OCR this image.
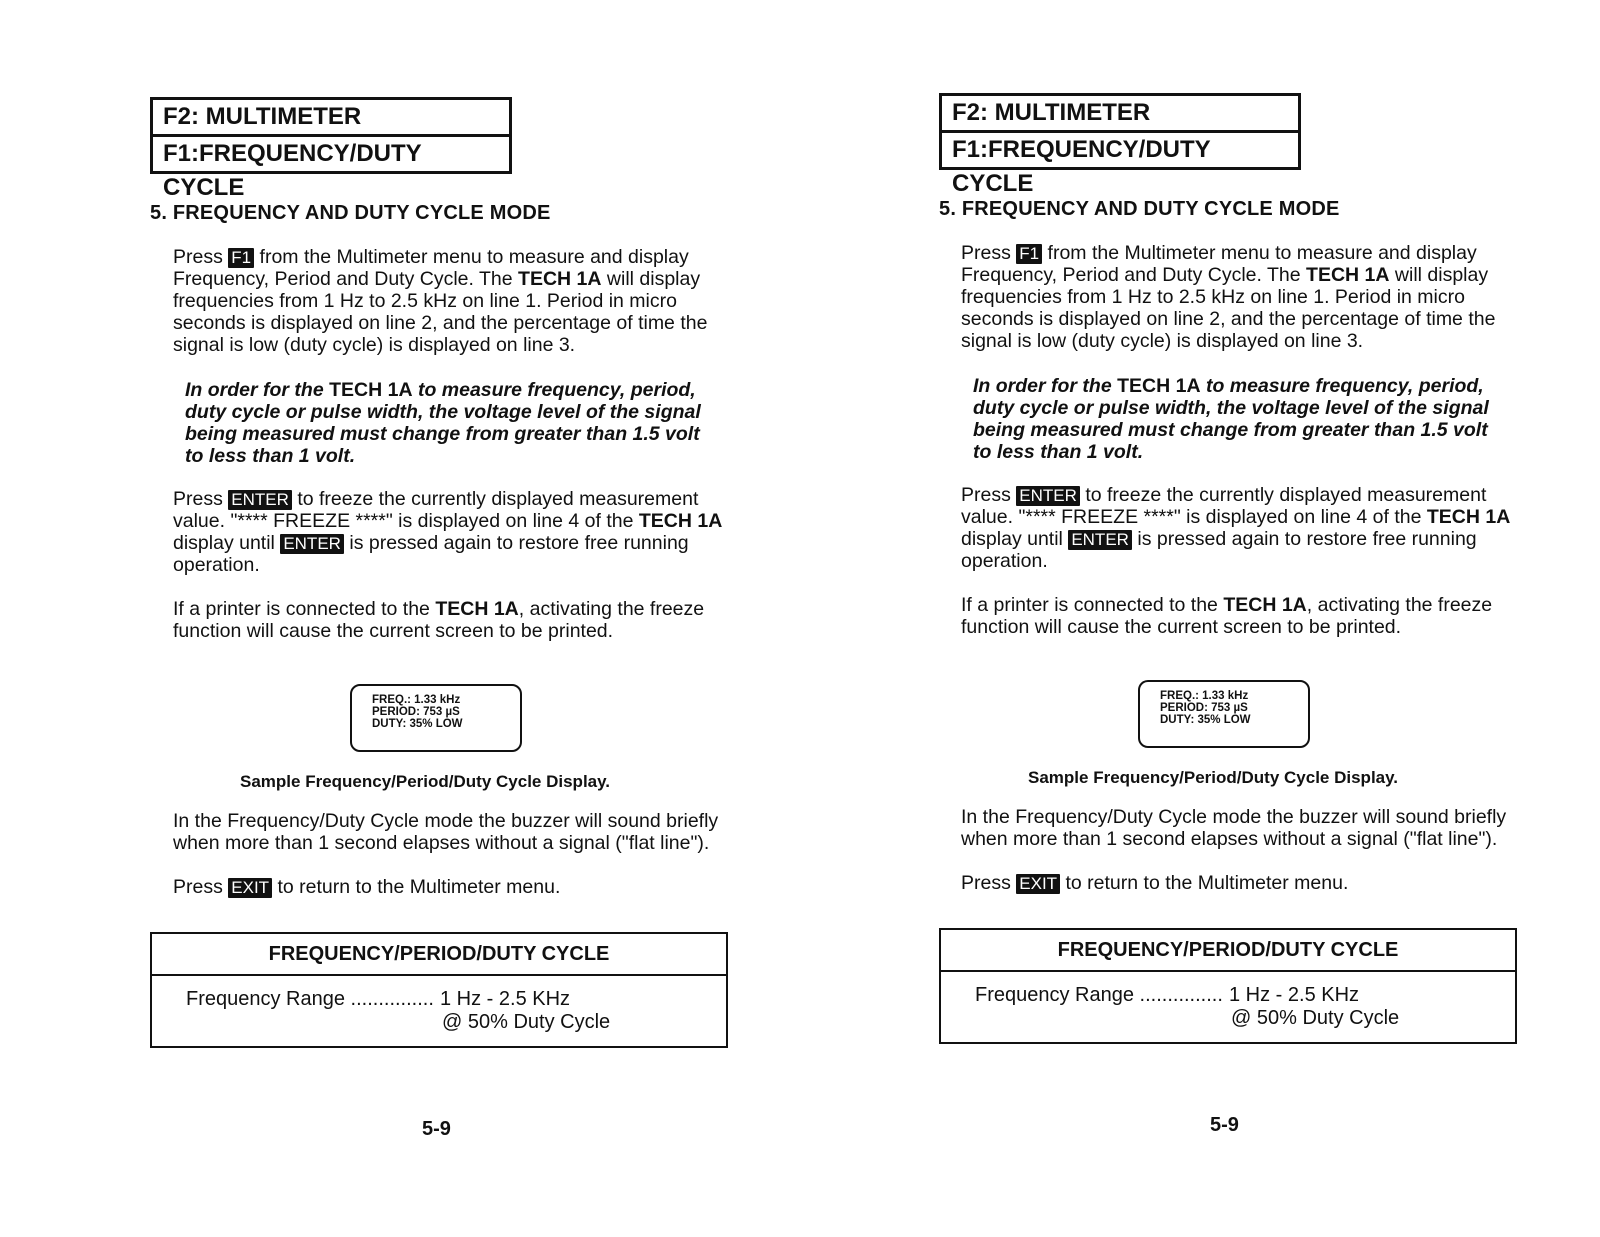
F2: MULTIMETER
F1:FREQUENCY/DUTY CYCLE
5. FREQUENCY AND DUTY CYCLE MODE
Press F1 from the Multimeter menu to measure and display Frequency, Period and Duty Cycle. The TECH 1A will display frequencies from 1 Hz to 2.5 kHz on line 1. Period in micro seconds is displayed on line 2, and the percentage of time the signal is low (duty cycle) is displayed on line 3.
In order for the TECH 1A to measure frequency, period, duty cycle or pulse width, the voltage level of the signal being measured must change from greater than 1.5 volt to less than 1 volt.
Press ENTER to freeze the currently displayed measurement value. "**** FREEZE ****" is displayed on line 4 of the TECH 1A display until ENTER is pressed again to restore free running operation.
If a printer is connected to the TECH 1A, activating the freeze function will cause the current screen to be printed.
FREQ.: 1.33 kHz
PERIOD: 753 µS
DUTY: 35% LOW
Sample Frequency/Period/Duty Cycle Display.
In the Frequency/Duty Cycle mode the buzzer will sound briefly when more than 1 second elapses without a signal ("flat line").
Press EXIT to return to the Multimeter menu.
FREQUENCY/PERIOD/DUTY CYCLE
Frequency Range ............... 1 Hz - 2.5 KHz
@ 50% Duty Cycle
5-9
F2: MULTIMETER
F1:FREQUENCY/DUTY CYCLE
5. FREQUENCY AND DUTY CYCLE MODE
Press F1 from the Multimeter menu to measure and display Frequency, Period and Duty Cycle. The TECH 1A will display frequencies from 1 Hz to 2.5 kHz on line 1. Period in micro seconds is displayed on line 2, and the percentage of time the signal is low (duty cycle) is displayed on line 3.
In order for the TECH 1A to measure frequency, period, duty cycle or pulse width, the voltage level of the signal being measured must change from greater than 1.5 volt to less than 1 volt.
Press ENTER to freeze the currently displayed measurement value. "**** FREEZE ****" is displayed on line 4 of the TECH 1A display until ENTER is pressed again to restore free running operation.
If a printer is connected to the TECH 1A, activating the freeze function will cause the current screen to be printed.
FREQ.: 1.33 kHz
PERIOD: 753 µS
DUTY: 35% LOW
Sample Frequency/Period/Duty Cycle Display.
In the Frequency/Duty Cycle mode the buzzer will sound briefly when more than 1 second elapses without a signal ("flat line").
Press EXIT to return to the Multimeter menu.
FREQUENCY/PERIOD/DUTY CYCLE
Frequency Range ............... 1 Hz - 2.5 KHz
@ 50% Duty Cycle
5-9
